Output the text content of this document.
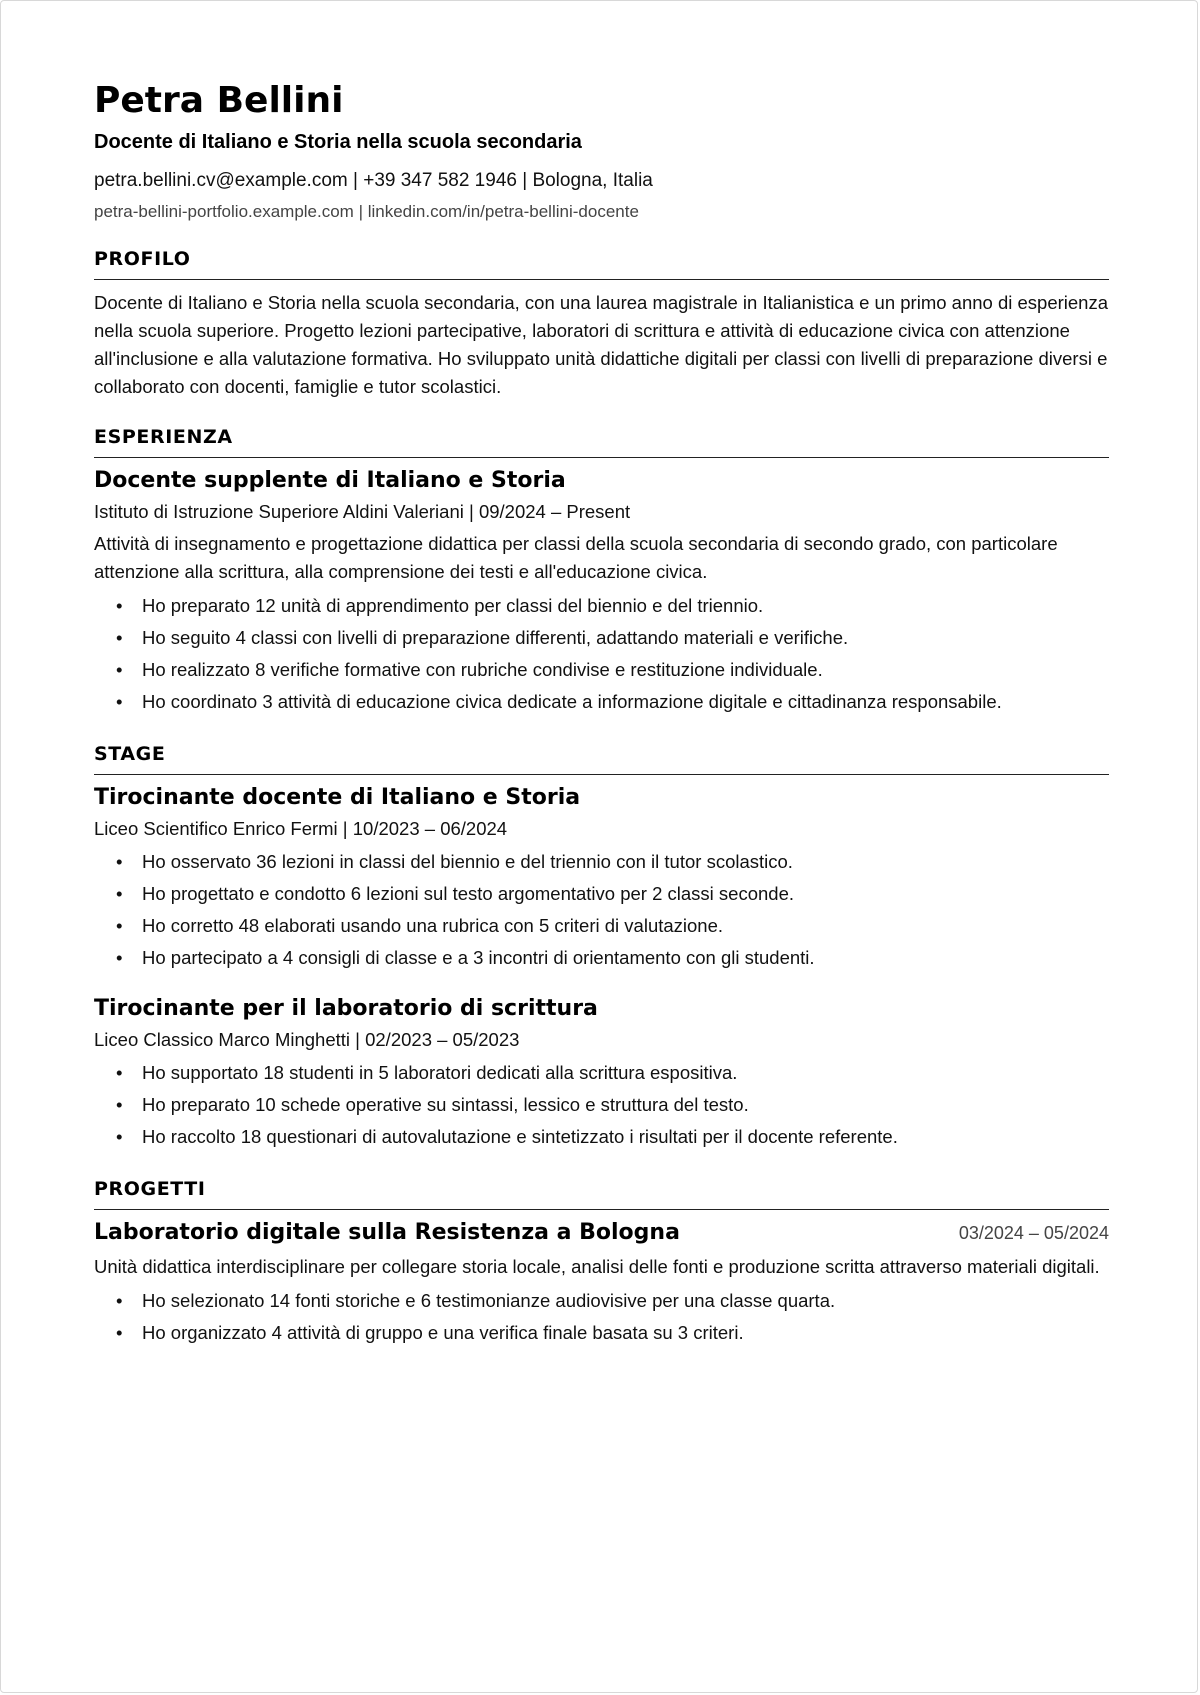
Petra Bellini
Docente di Italiano e Storia nella scuola secondaria
petra.bellini.cv@example.com | +39 347 582 1946 | Bologna, Italia
petra-bellini-portfolio.example.com | linkedin.com/in/petra-bellini-docente
PROFILO
Docente di Italiano e Storia nella scuola secondaria, con una laurea magistrale in Italianistica e un primo anno di esperienza nella scuola superiore. Progetto lezioni partecipative, laboratori di scrittura e attività di educazione civica con attenzione all'inclusione e alla valutazione formativa. Ho sviluppato unità didattiche digitali per classi con livelli di preparazione diversi e collaborato con docenti, famiglie e tutor scolastici.
ESPERIENZA
Docente supplente di Italiano e Storia
Istituto di Istruzione Superiore Aldini Valeriani | 09/2024 – Present
Attività di insegnamento e progettazione didattica per classi della scuola secondaria di secondo grado, con particolare attenzione alla scrittura, alla comprensione dei testi e all'educazione civica.
• Ho preparato 12 unità di apprendimento per classi del biennio e del triennio.
• Ho seguito 4 classi con livelli di preparazione differenti, adattando materiali e verifiche.
• Ho realizzato 8 verifiche formative con rubriche condivise e restituzione individuale.
• Ho coordinato 3 attività di educazione civica dedicate a informazione digitale e cittadinanza responsabile.
STAGE
Tirocinante docente di Italiano e Storia
Liceo Scientifico Enrico Fermi | 10/2023 – 06/2024
• Ho osservato 36 lezioni in classi del biennio e del triennio con il tutor scolastico.
• Ho progettato e condotto 6 lezioni sul testo argomentativo per 2 classi seconde.
• Ho corretto 48 elaborati usando una rubrica con 5 criteri di valutazione.
• Ho partecipato a 4 consigli di classe e a 3 incontri di orientamento con gli studenti.
Tirocinante per il laboratorio di scrittura
Liceo Classico Marco Minghetti | 02/2023 – 05/2023
• Ho supportato 18 studenti in 5 laboratori dedicati alla scrittura espositiva.
• Ho preparato 10 schede operative su sintassi, lessico e struttura del testo.
• Ho raccolto 18 questionari di autovalutazione e sintetizzato i risultati per il docente referente.
PROGETTI
Laboratorio digitale sulla Resistenza a Bologna	03/2024 – 05/2024
Unità didattica interdisciplinare per collegare storia locale, analisi delle fonti e produzione scritta attraverso materiali digitali.
• Ho selezionato 14 fonti storiche e 6 testimonianze audiovisive per una classe quarta.
• Ho organizzato 4 attività di gruppo e una verifica finale basata su 3 criteri.
